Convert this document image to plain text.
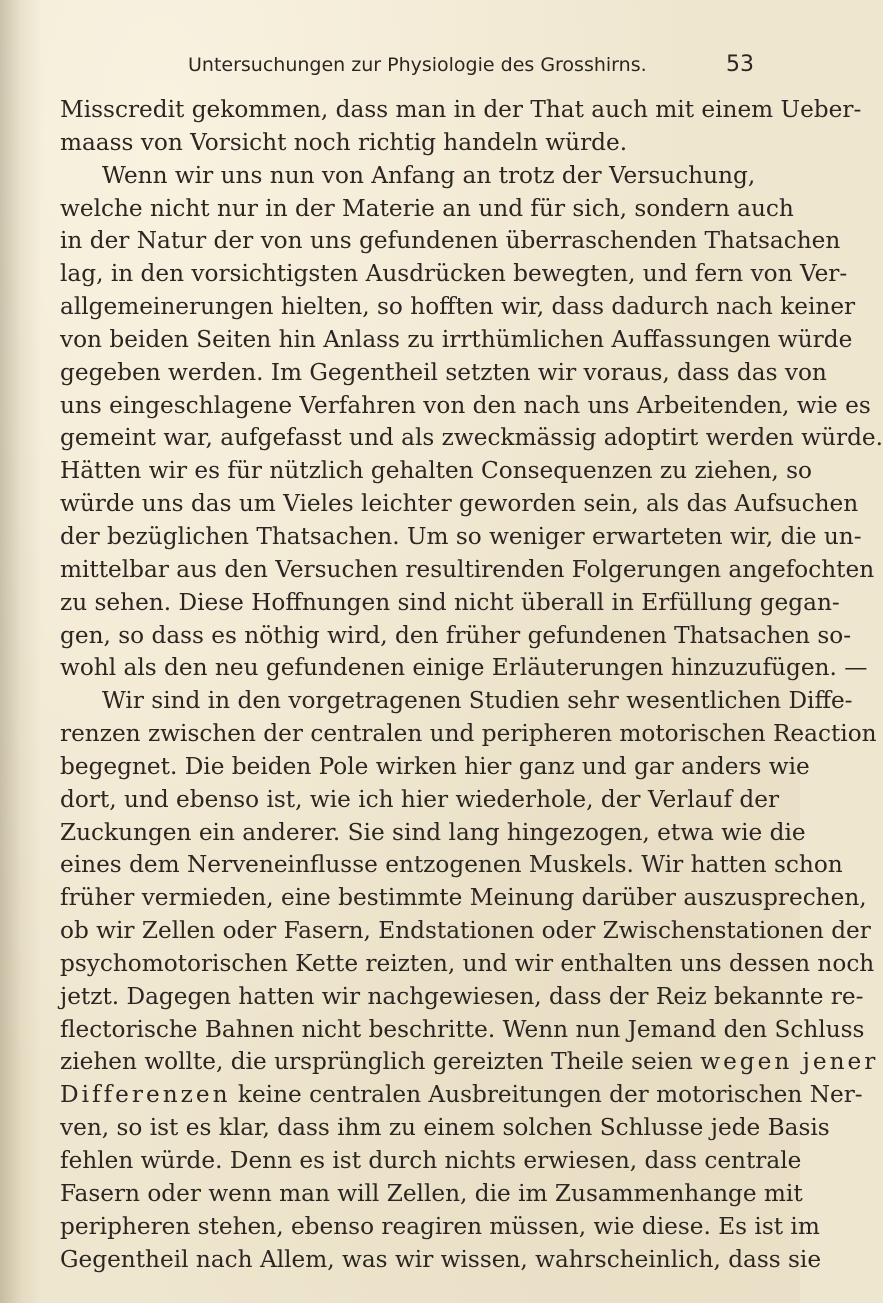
Untersuchungen zur Physiologie des Grosshirns.	53
Misscredit gekommen, dass man in der That auch mit einem Ueber-
maass von Vorsicht noch richtig handeln würde.
Wenn wir uns nun von Anfang an trotz der Versuchung,
welche nicht nur in der Materie an und für sich, sondern auch
in der Natur der von uns gefundenen überraschenden Thatsachen
lag, in den vorsichtigsten Ausdrücken bewegten, und fern von Ver-
allgemeinerungen hielten, so hofften wir, dass dadurch nach keiner
von beiden Seiten hin Anlass zu irrthümlichen Auffassungen würde
gegeben werden. Im Gegentheil setzten wir voraus, dass das von
uns eingeschlagene Verfahren von den nach uns Arbeitenden, wie es
gemeint war, aufgefasst und als zweckmässig adoptirt werden würde.
Hätten wir es für nützlich gehalten Consequenzen zu ziehen, so
würde uns das um Vieles leichter geworden sein, als das Aufsuchen
der bezüglichen Thatsachen. Um so weniger erwarteten wir, die un-
mittelbar aus den Versuchen resultirenden Folgerungen angefochten
zu sehen. Diese Hoffnungen sind nicht überall in Erfüllung gegan-
gen, so dass es nöthig wird, den früher gefundenen Thatsachen so-
wohl als den neu gefundenen einige Erläuterungen hinzuzufügen. —
Wir sind in den vorgetragenen Studien sehr wesentlichen Diffe-
renzen zwischen der centralen und peripheren motorischen Reaction
begegnet. Die beiden Pole wirken hier ganz und gar anders wie
dort, und ebenso ist, wie ich hier wiederhole, der Verlauf der
Zuckungen ein anderer. Sie sind lang hingezogen, etwa wie die
eines dem Nerveneinflusse entzogenen Muskels. Wir hatten schon
früher vermieden, eine bestimmte Meinung darüber auszusprechen,
ob wir Zellen oder Fasern, Endstationen oder Zwischenstationen der
psychomotorischen Kette reizten, und wir enthalten uns dessen noch
jetzt. Dagegen hatten wir nachgewiesen, dass der Reiz bekannte re-
flectorische Bahnen nicht beschritte. Wenn nun Jemand den Schluss
ziehen wollte, die ursprünglich gereizten Theile seien wegen jener
Differenzen keine centralen Ausbreitungen der motorischen Ner-
ven, so ist es klar, dass ihm zu einem solchen Schlusse jede Basis
fehlen würde. Denn es ist durch nichts erwiesen, dass centrale
Fasern oder wenn man will Zellen, die im Zusammenhange mit
peripheren stehen, ebenso reagiren müssen, wie diese. Es ist im
Gegentheil nach Allem, was wir wissen, wahrscheinlich, dass sie
